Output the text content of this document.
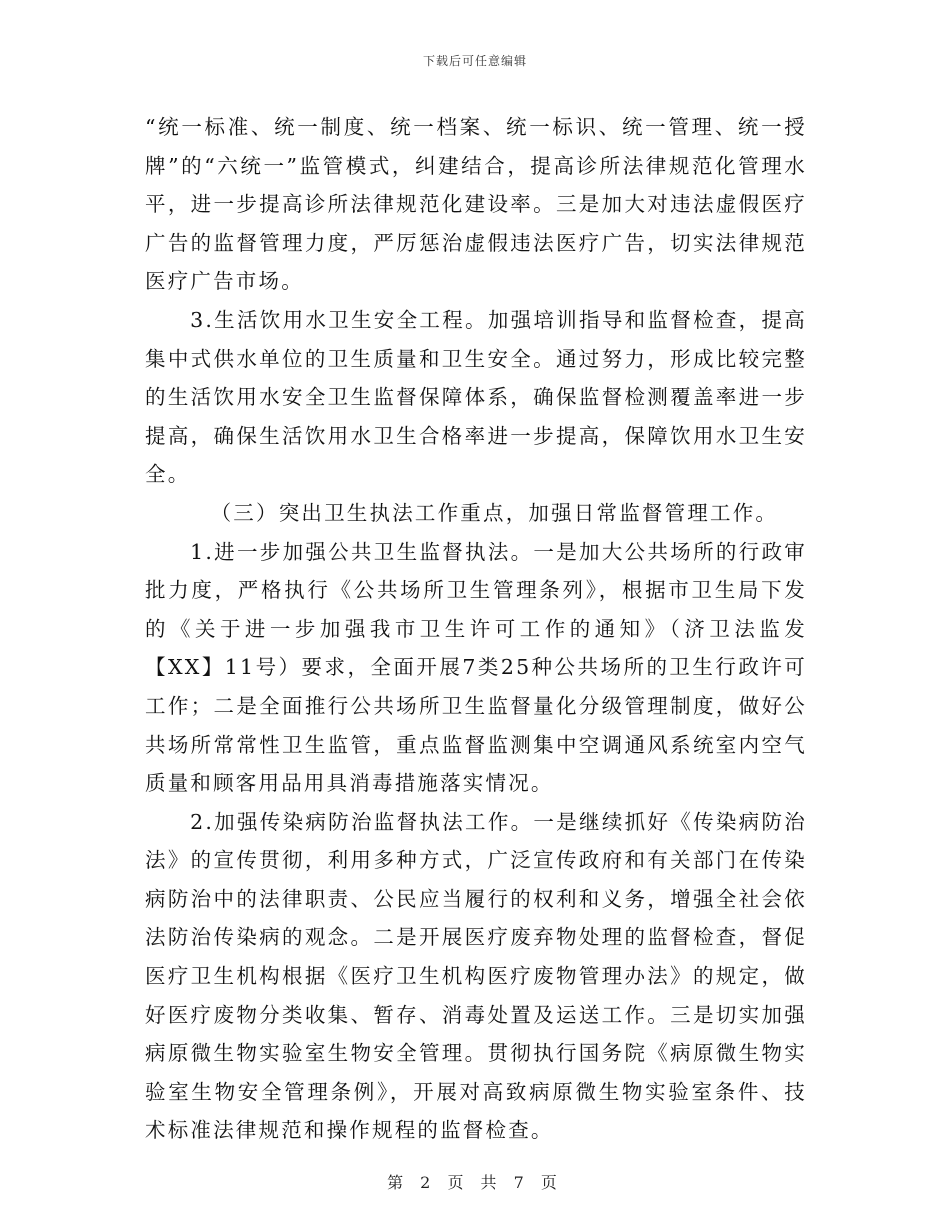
下载后可任意编辑

“统一标准、统一制度、统一档案、统一标识、统一管理、统一授牌”的“六统一”监管模式，纠建结合，提高诊所法律规范化管理水平，进一步提高诊所法律规范化建设率。三是加大对违法虚假医疗广告的监督管理力度，严厉惩治虚假违法医疗广告，切实法律规范医疗广告市场。

3.生活饮用水卫生安全工程。加强培训指导和监督检查，提高集中式供水单位的卫生质量和卫生安全。通过努力，形成比较完整的生活饮用水安全卫生监督保障体系，确保监督检测覆盖率进一步提高，确保生活饮用水卫生合格率进一步提高，保障饮用水卫生安全。

（三）突出卫生执法工作重点，加强日常监督管理工作。

1.进一步加强公共卫生监督执法。一是加大公共场所的行政审批力度，严格执行《公共场所卫生管理条列》，根据市卫生局下发的《关于进一步加强我市卫生许可工作的通知》（济卫法监发【XX】11号）要求，全面开展7类25种公共场所的卫生行政许可工作；二是全面推行公共场所卫生监督量化分级管理制度，做好公共场所常常性卫生监管，重点监督监测集中空调通风系统室内空气质量和顾客用品用具消毒措施落实情况。

2.加强传染病防治监督执法工作。一是继续抓好《传染病防治法》的宣传贯彻，利用多种方式，广泛宣传政府和有关部门在传染病防治中的法律职责、公民应当履行的权利和义务，增强全社会依法防治传染病的观念。二是开展医疗废弃物处理的监督检查，督促医疗卫生机构根据《医疗卫生机构医疗废物管理办法》的规定，做好医疗废物分类收集、暂存、消毒处置及运送工作。三是切实加强病原微生物实验室生物安全管理。贯彻执行国务院《病原微生物实验室生物安全管理条例》，开展对高致病原微生物实验室条件、技术标准法律规范和操作规程的监督检查。

第 2 页 共 7 页
